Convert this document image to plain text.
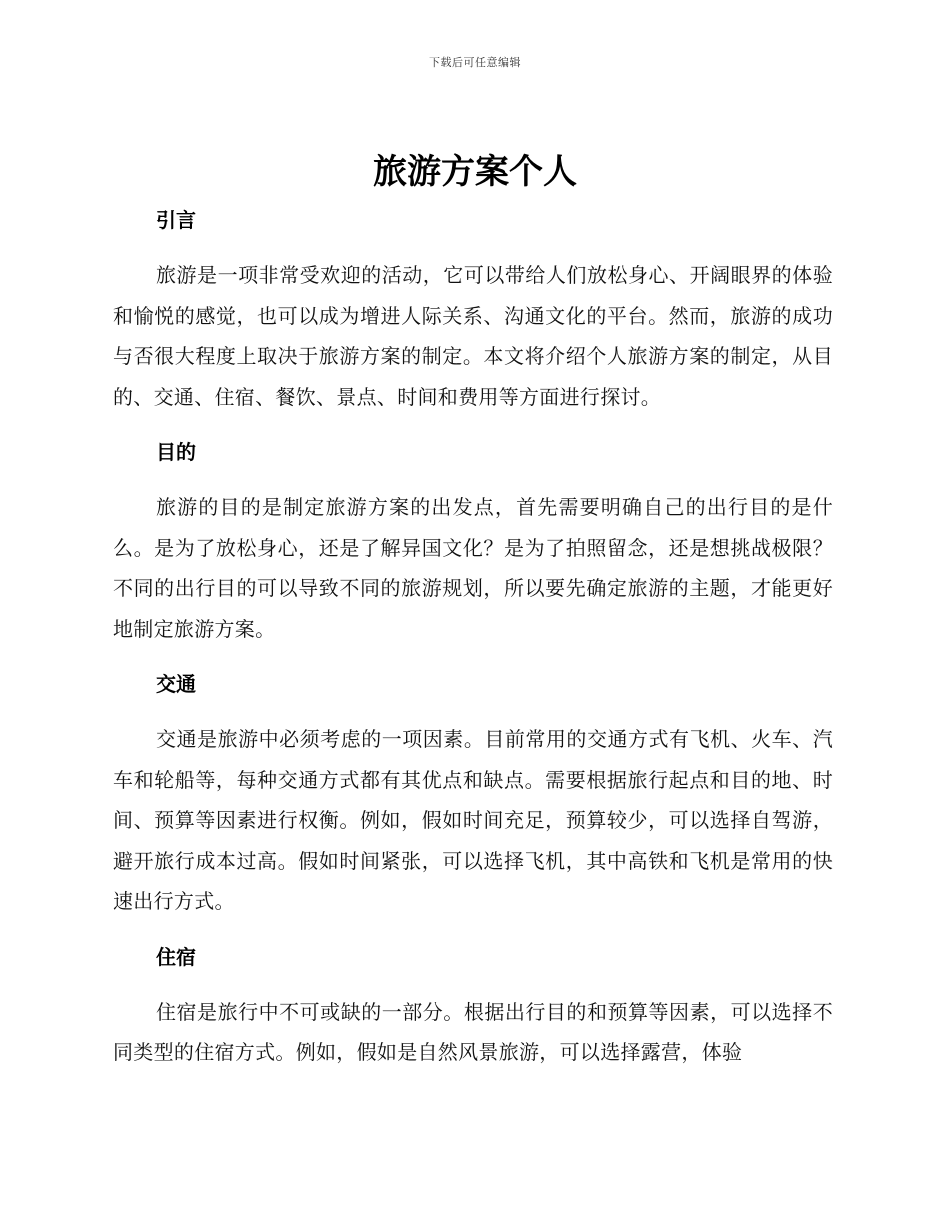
下载后可任意编辑
旅游方案个人
引言

旅游是一项非常受欢迎的活动，它可以带给人们放松身心、开阔眼界的体验和愉悦的感觉，也可以成为增进人际关系、沟通文化的平台。然而，旅游的成功与否很大程度上取决于旅游方案的制定。本文将介绍个人旅游方案的制定，从目的、交通、住宿、餐饮、景点、时间和费用等方面进行探讨。

目的

旅游的目的是制定旅游方案的出发点，首先需要明确自己的出行目的是什么。是为了放松身心，还是了解异国文化？是为了拍照留念，还是想挑战极限？不同的出行目的可以导致不同的旅游规划，所以要先确定旅游的主题，才能更好地制定旅游方案。

交通

交通是旅游中必须考虑的一项因素。目前常用的交通方式有飞机、火车、汽车和轮船等，每种交通方式都有其优点和缺点。需要根据旅行起点和目的地、时间、预算等因素进行权衡。例如，假如时间充足，预算较少，可以选择自驾游，避开旅行成本过高。假如时间紧张，可以选择飞机，其中高铁和飞机是常用的快速出行方式。

住宿

住宿是旅行中不可或缺的一部分。根据出行目的和预算等因素，可以选择不同类型的住宿方式。例如，假如是自然风景旅游，可以选择露营，体验
